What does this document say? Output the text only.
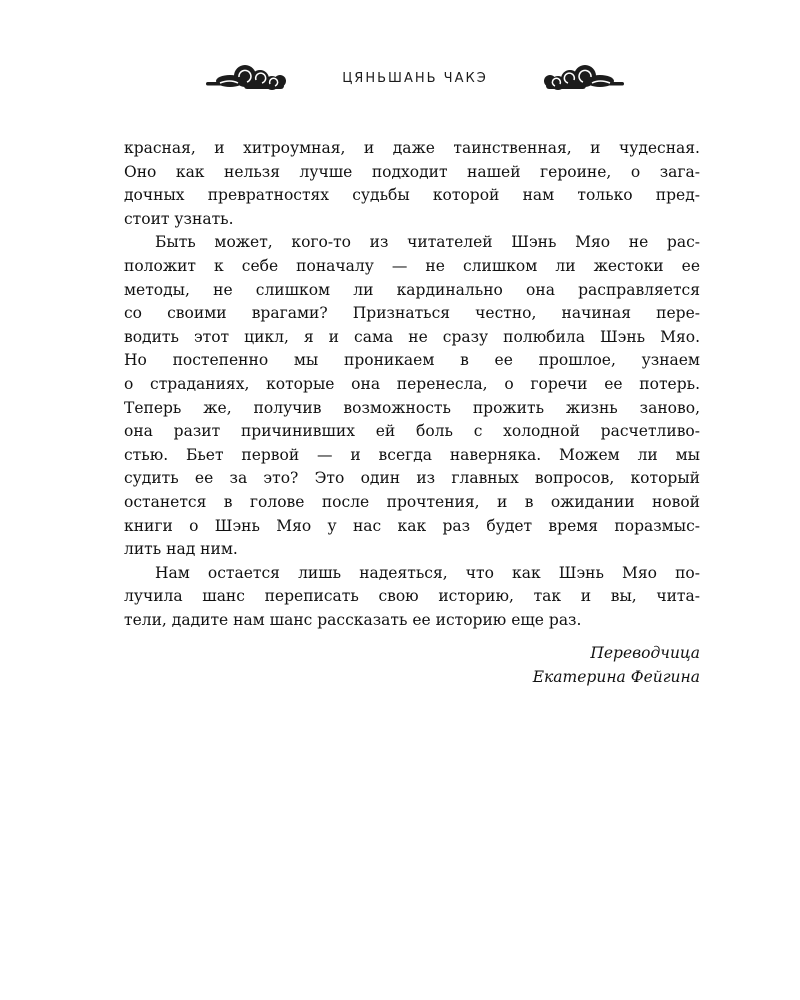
ЦЯНЬШАНЬ ЧАКЭ
красная, и хитроумная, и даже таинственная, и чудесная.
Оно как нельзя лучше подходит нашей героине, о зага-
дочных превратностях судьбы которой нам только пред-
стоит узнать.
Быть может, кого-то из читателей Шэнь Мяо не рас-
положит к себе поначалу — не слишком ли жестоки ее
методы, не слишком ли кардинально она расправляется
со своими врагами? Признаться честно, начиная пере-
водить этот цикл, я и сама не сразу полюбила Шэнь Мяо.
Но постепенно мы проникаем в ее прошлое, узнаем
о страданиях, которые она перенесла, о горечи ее потерь.
Теперь же, получив возможность прожить жизнь заново,
она разит причинивших ей боль с холодной расчетливо-
стью. Бьет первой — и всегда наверняка. Можем ли мы
судить ее за это? Это один из главных вопросов, который
останется в голове после прочтения, и в ожидании новой
книги о Шэнь Мяо у нас как раз будет время поразмыс-
лить над ним.
Нам остается лишь надеяться, что как Шэнь Мяо по-
лучила шанс переписать свою историю, так и вы, чита-
тели, дадите нам шанс рассказать ее историю еще раз.
Переводчица
Екатерина Фейгина
